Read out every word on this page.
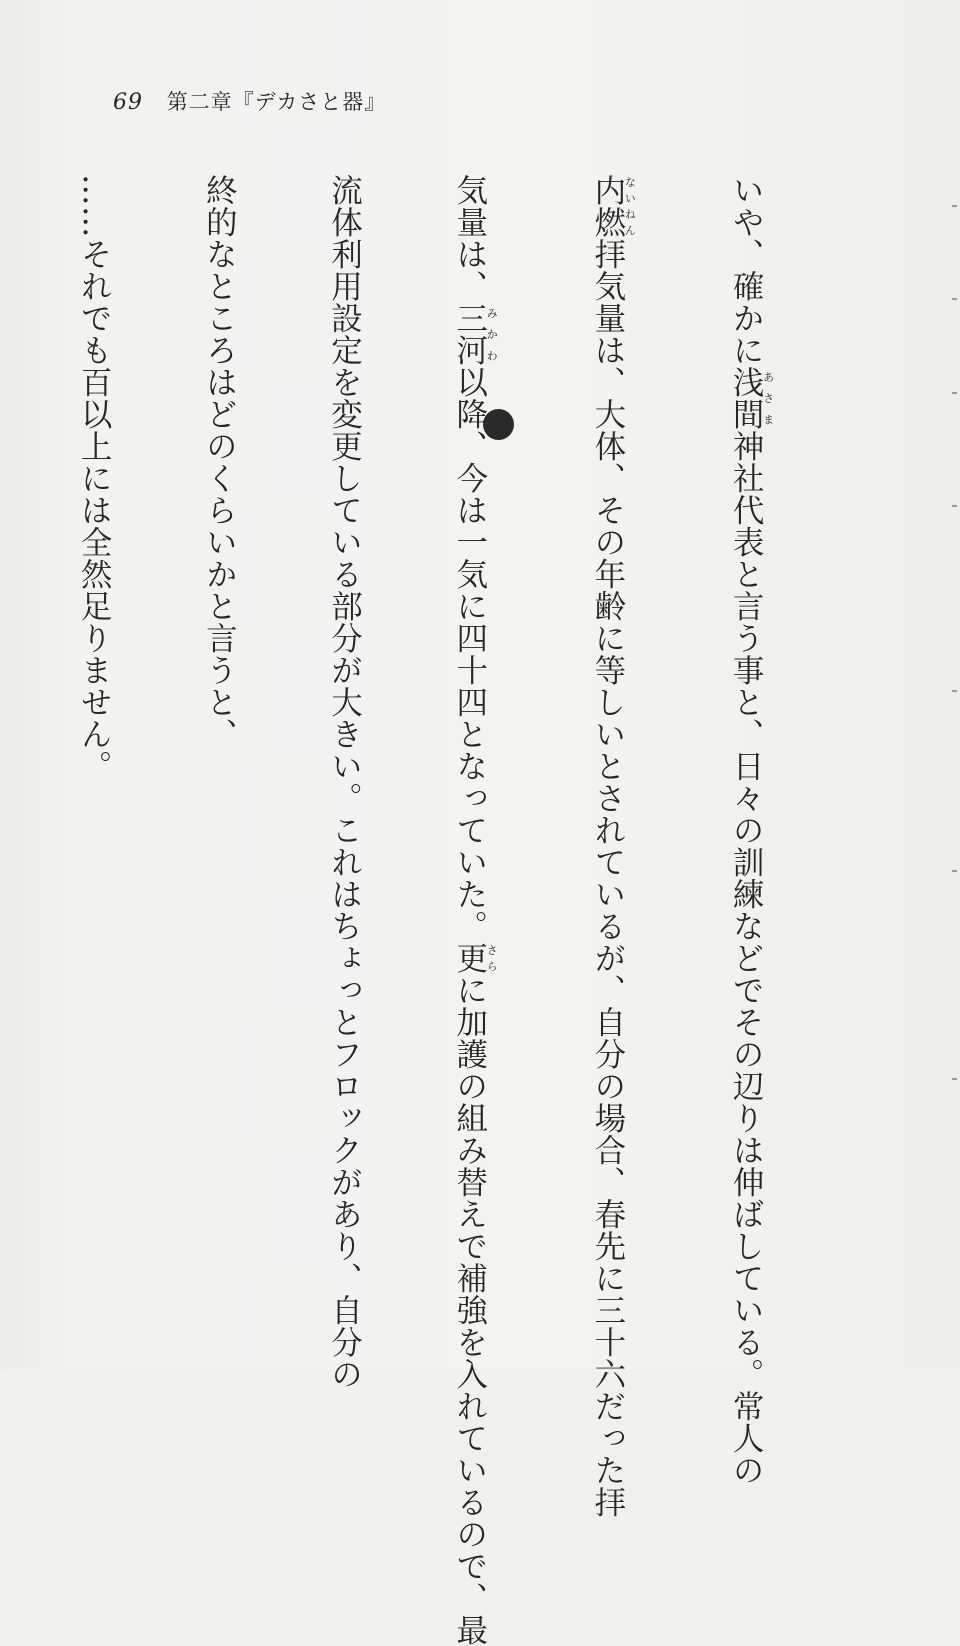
69 第二章『デカさと器』

いや、確かに浅間あさま神社代表と言う事と、日々の訓練などでその辺りは伸ばしている。常人の

内燃ないねん拝気量は、大体、その年齢に等しいとされているが、自分の場合、春先に三十六だった拝

気量は、三河みかわ以降、今は一気に四十四となっていた。更さらに加護の組み替えで補強を入れているので、最

流体利用設定を変更している部分が大きい。これはちょっとフロックがあり、自分の

終的なところはどのくらいかと言うと、

……それでも百以上には全然足りません。
